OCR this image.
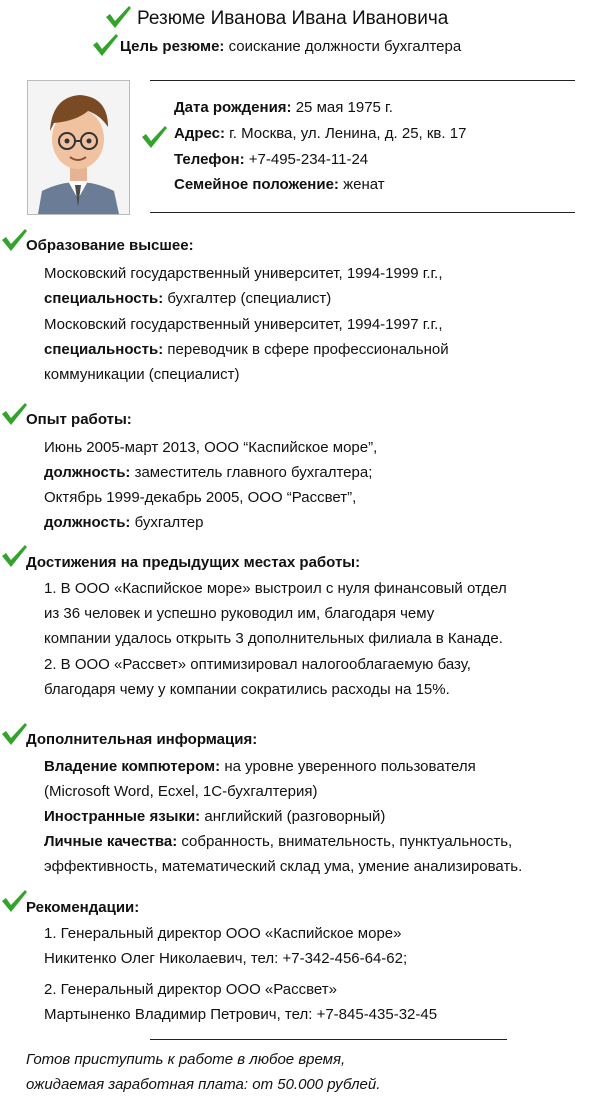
Резюме Иванова Ивана Ивановича
Цель резюме: соискание должности бухгалтера
Дата рождения: 25 мая 1975 г.
Адрес: г. Москва, ул. Ленина, д. 25, кв. 17
Телефон: +7-495-234-11-24
Семейное положение: женат
Образование высшее:
Московский государственный университет, 1994-1999 г.г.,
специальность: бухгалтер (специалист)
Московский государственный университет, 1994-1997 г.г.,
специальность: переводчик в сфере профессиональной
коммуникации (специалист)
Опыт работы:
Июнь 2005-март 2013, ООО “Каспийское море”,
должность: заместитель главного бухгалтера;
Октябрь 1999-декабрь 2005, ООО “Рассвет”,
должность: бухгалтер
Достижения на предыдущих местах работы:
1. В ООО «Каспийское море» выстроил с нуля финансовый отдел
из 36 человек и успешно руководил им, благодаря чему
компании удалось открыть 3 дополнительных филиала в Канаде.
2. В ООО «Рассвет» оптимизировал налогооблагаемую базу,
благодаря чему у компании сократились расходы на 15%.
Дополнительная информация:
Владение компютером: на уровне уверенного пользователя
(Microsoft Word, Ecxel, 1С-бухгалтерия)
Иностранные языки: английский (разговорный)
Личные качества: собранность, внимательность, пунктуальность,
эффективность, математический склад ума, умение анализировать.
Рекомендации:
1. Генеральный директор ООО «Каспийское море»
Никитенко Олег Николаевич, тел: +7-342-456-64-62;
2. Генеральный директор ООО «Рассвет»
Мартыненко Владимир Петрович, тел: +7-845-435-32-45
Готов приступить к работе в любое время,
ожидаемая заработная плата: от 50.000 рублей.
